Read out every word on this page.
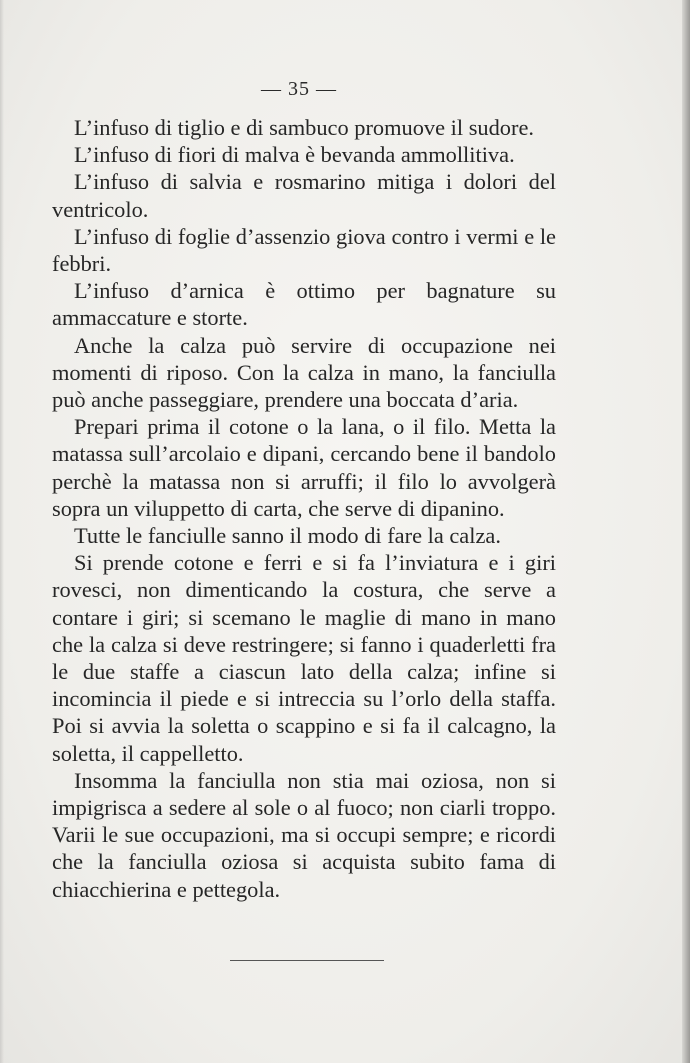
— 35 —

L’infuso di tiglio e di sambuco promuove il sudore.

L’infuso di fiori di malva è bevanda ammollitiva.

L’infuso di salvia e rosmarino mitiga i dolori del ventricolo.

L’infuso di foglie d’assenzio giova contro i vermi e le febbri.

L’infuso d’arnica è ottimo per bagnature su ammaccature e storte.

Anche la calza può servire di occupazione nei momenti di riposo. Con la calza in mano, la fanciulla può anche passeggiare, prendere una boccata d’aria.

Prepari prima il cotone o la lana, o il filo. Metta la matassa sull’arcolaio e dipani, cercando bene il bandolo perchè la matassa non si arruffi; il filo lo avvolgerà sopra un viluppetto di carta, che serve di dipanino.

Tutte le fanciulle sanno il modo di fare la calza.

Si prende cotone e ferri e si fa l’inviatura e i giri rovesci, non dimenticando la costura, che serve a contare i giri; si scemano le maglie di mano in mano che la calza si deve restringere; si fanno i quaderletti fra le due staffe a ciascun lato della calza; infine si incomincia il piede e si intreccia su l’orlo della staffa. Poi si avvia la soletta o scappino e si fa il calcagno, la soletta, il cappelletto.

Insomma la fanciulla non stia mai oziosa, non si impigrisca a sedere al sole o al fuoco; non ciarli troppo. Varii le sue occupazioni, ma si occupi sempre; e ricordi che la fanciulla oziosa si acquista subito fama di chiacchierina e pettegola.
